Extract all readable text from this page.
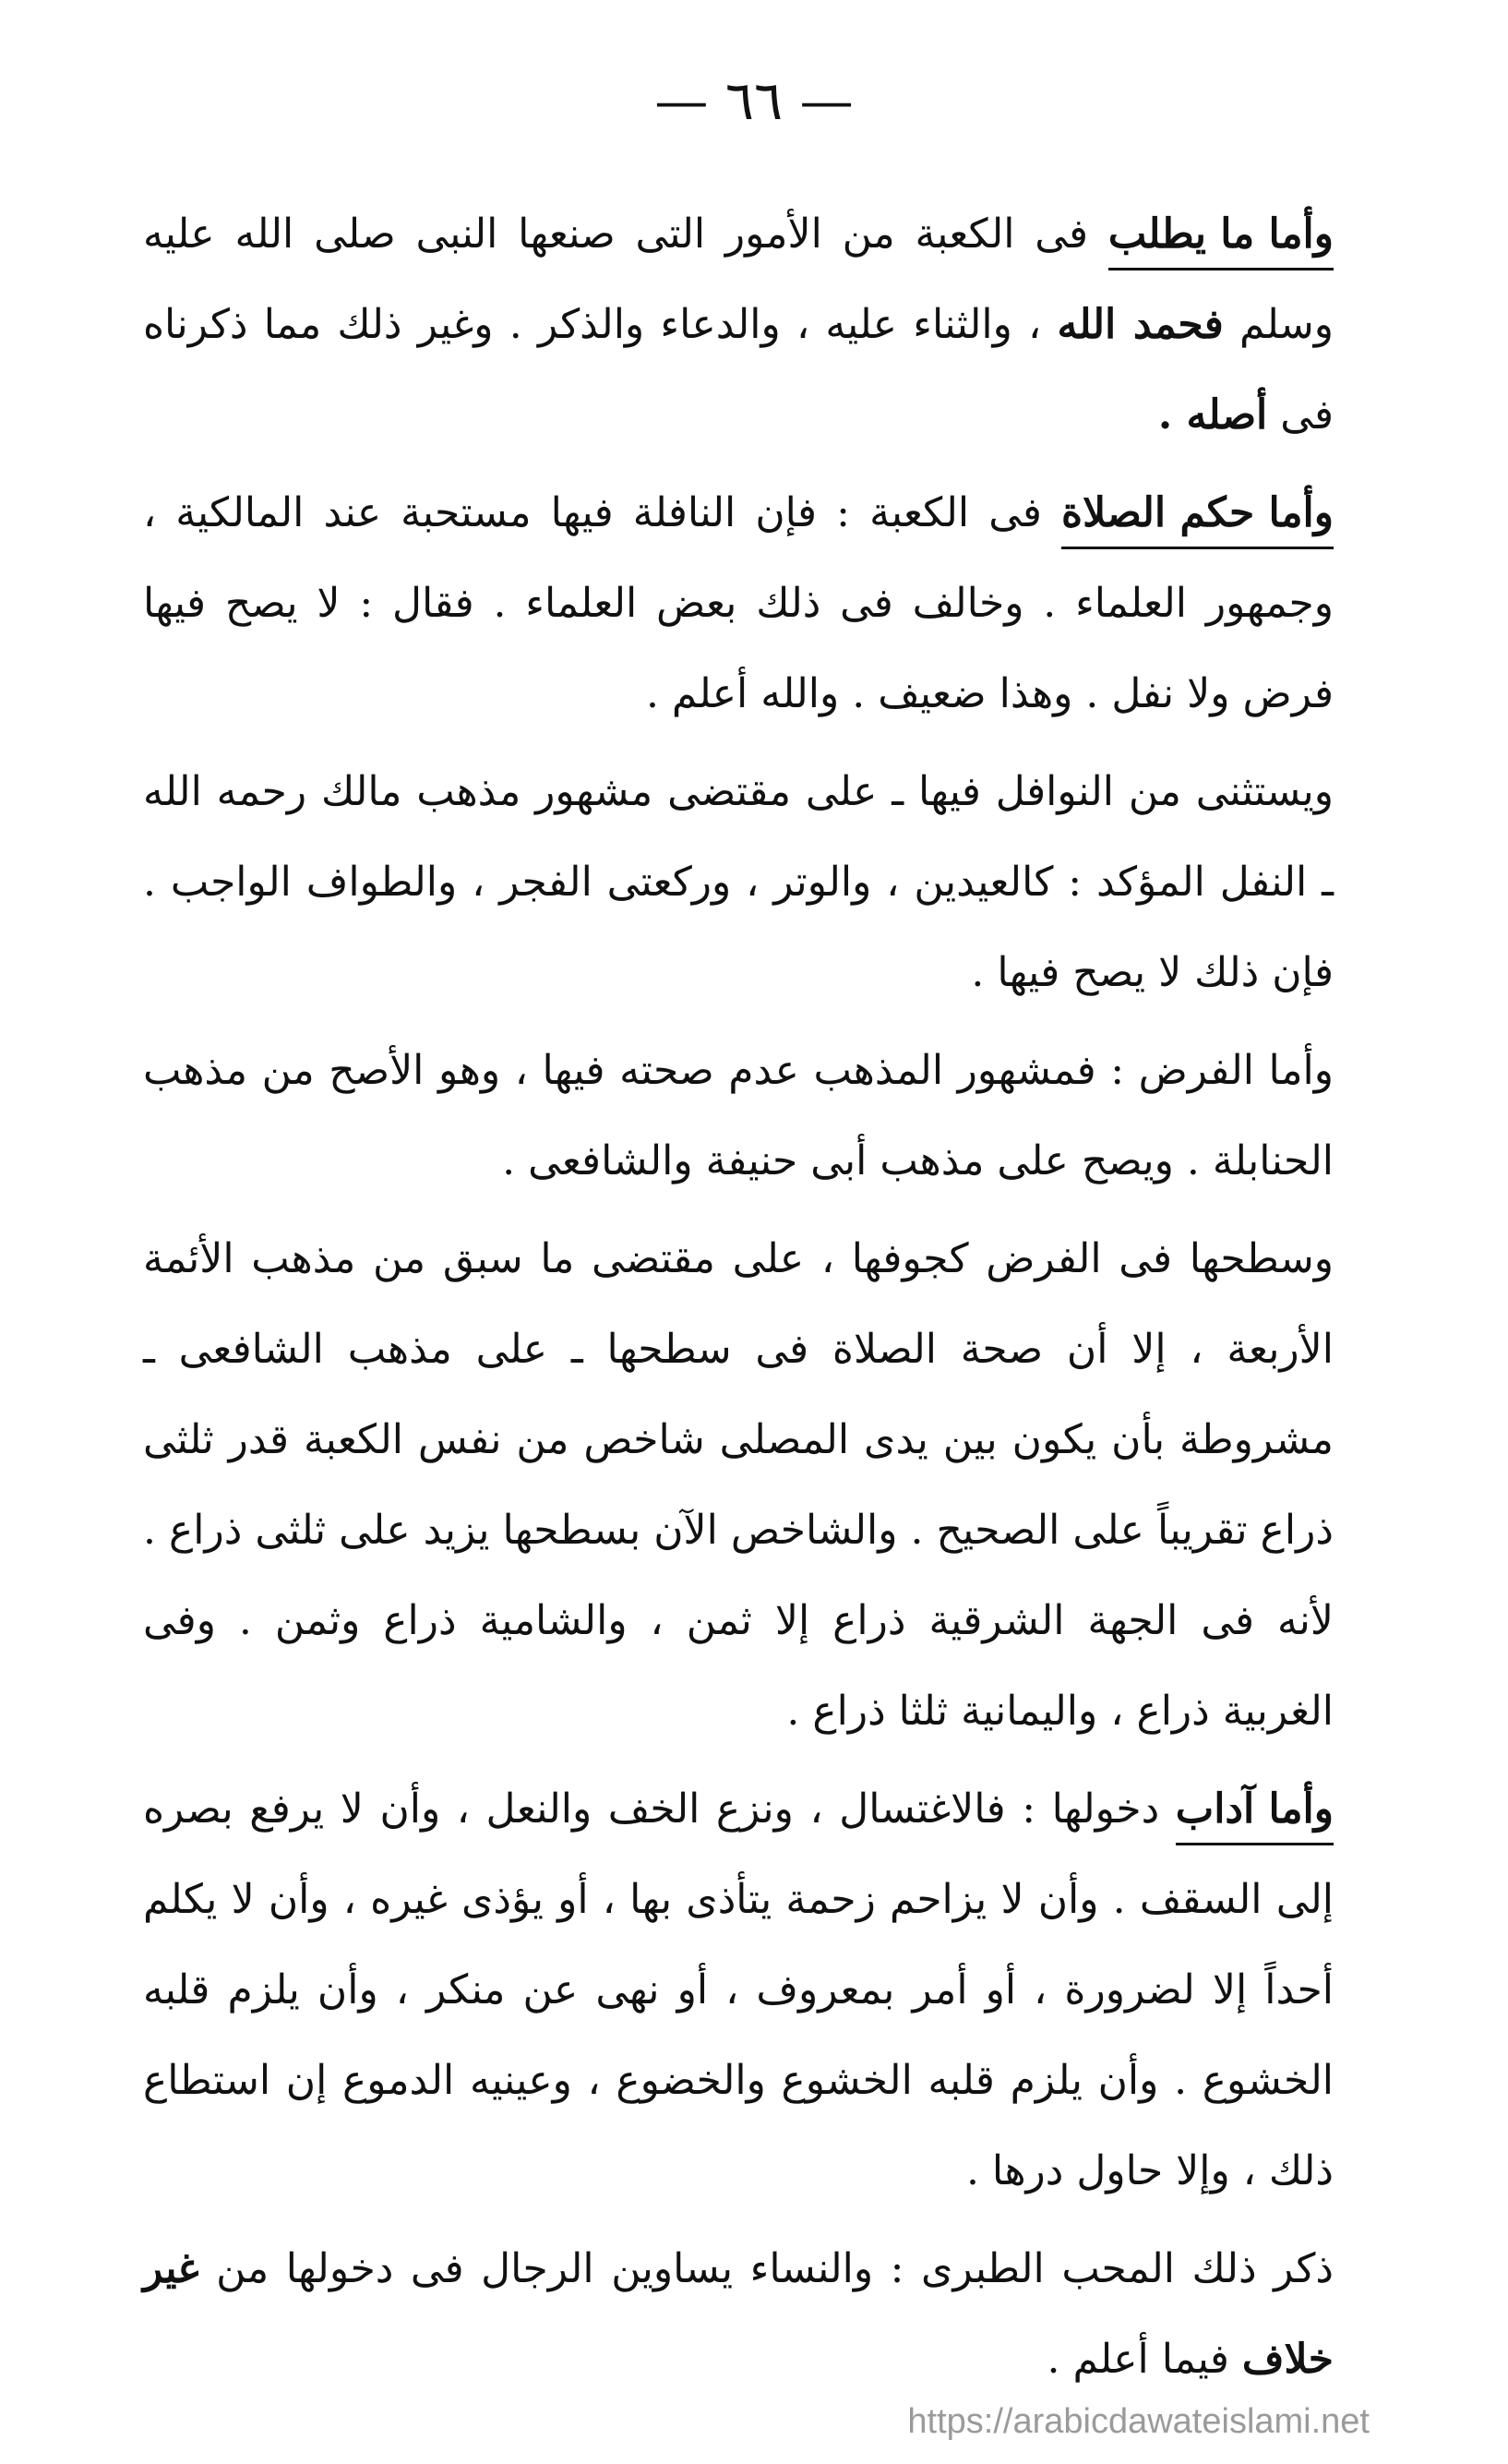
— ٦٦ —

وأما ما يطلب فى الكعبة من الأمور التى صنعها النبى صلى الله عليه وسلم فحمد الله ، والثناء عليه ، والدعاء والذكر . وغير ذلك مما ذكرناه فى أصله .

وأما حكم الصلاة فى الكعبة : فإن النافلة فيها مستحبة عند المالكية ، وجمهور العلماء . وخالف فى ذلك بعض العلماء . فقال : لا يصح فيها فرض ولا نفل . وهذا ضعيف . والله أعلم .

ويستثنى من النوافل فيها ـ على مقتضى مشهور مذهب مالك رحمه الله ـ النفل المؤكد : كالعيدين ، والوتر ، وركعتى الفجر ، والطواف الواجب . فإن ذلك لا يصح فيها .

وأما الفرض : فمشهور المذهب عدم صحته فيها ، وهو الأصح من مذهب الحنابلة . ويصح على مذهب أبى حنيفة والشافعى .

وسطحها فى الفرض كجوفها ، على مقتضى ما سبق من مذهب الأئمة الأربعة ، إلا أن صحة الصلاة فى سطحها ـ على مذهب الشافعى ـ مشروطة بأن يكون بين يدى المصلى شاخص من نفس الكعبة قدر ثلثى ذراع تقريباً على الصحيح . والشاخص الآن بسطحها يزيد على ثلثى ذراع . لأنه فى الجهة الشرقية ذراع إلا ثمن ، والشامية ذراع وثمن . وفى الغربية ذراع ، واليمانية ثلثا ذراع .

وأما آداب دخولها : فالاغتسال ، ونزع الخف والنعل ، وأن لا يرفع بصره إلى السقف . وأن لا يزاحم زحمة يتأذى بها ، أو يؤذى غيره ، وأن لا يكلم أحداً إلا لضرورة ، أو أمر بمعروف ، أو نهى عن منكر ، وأن يلزم قلبه الخشوع . وأن يلزم قلبه الخشوع والخضوع ، وعينيه الدموع إن استطاع ذلك ، وإلا حاول درها .

ذكر ذلك المحب الطبرى : والنساء يساوين الرجال فى دخولها من غير خلاف فيما أعلم .

https://arabicdawateislami.net
